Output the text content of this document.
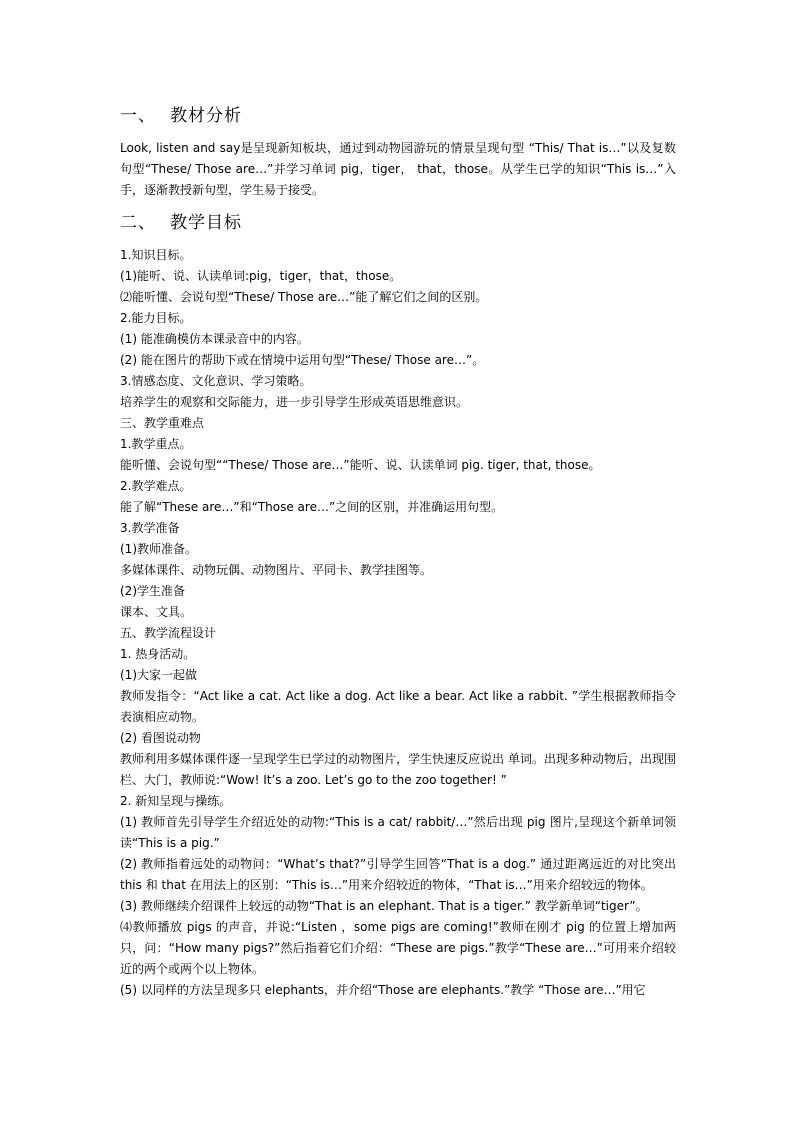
一、 教材分析

Look, listen and say是呈现新知板块，通过到动物园游玩的情景呈现句型 “This/ That is…”以及复数句型“These/ Those are…”并学习单词 pig，tiger， that，those。从学生已学的知识“This is…”入手，逐渐教授新句型，学生易于接受。

二、 教学目标

1.知识目标。

(1)能听、说、认读单词:pig，tiger，that，those。

⑵能听懂、会说句型“These/ Those are…”能了解它们之间的区别。

2.能力目标。

(1) 能准确模仿本课录音中的内容。

(2) 能在图片的帮助下或在情境中运用句型“These/ Those are…”。

3.情感态度、文化意识、学习策略。

培养学生的观察和交际能力，进一步引导学生形成英语思维意识。

三、教学重难点

1.教学重点。

能听懂、会说句型““These/ Those are…”能听、说、认读单词 pig. tiger, that, those。

2.教学难点。

能了解“These are…”和“Those are…”之间的区别，并准确运用句型。

3.教学准备

(1)教师准备。

多媒体课件、动物玩偶、动物图片、平同卡、教学挂图等。

(2)学生准备

课本、文具。

五、教学流程设计

1. 热身活动。

(1)大家一起做

教师发指令：“Act like a cat. Act like a dog. Act like a bear. Act like a rabbit. ”学生根据教师指令表演相应动物。

(2) 看图说动物

教师利用多媒体课件逐一呈现学生已学过的动物图片，学生快速反应说出 单词。出现多种动物后，出现围栏、大门，教师说:“Wow! It’s a zoo. Let’s go to the zoo together! ”

2. 新知呈现与操练。

(1) 教师首先引导学生介绍近处的动物:“This is a cat/ rabbit/…”然后出现 pig 图片,呈现这个新单词领读“This is a pig.”

(2) 教师指着远处的动物问：“What’s that?”引导学生回答“That is a dog.” 通过距离远近的对比突出this 和 that 在用法上的区别：“This is…”用来介绍较近的物体，“That is…”用来介绍较远的物体。

(3) 教师继续介绍课件上较远的动物“That is an elephant. That is a tiger.” 教学新单词“tiger”。

⑷教师播放 pigs 的声音，并说:“Listen ，some pigs are coming!”教师在刚才 pig 的位置上增加两只，问：“How many pigs?”然后指着它们介绍：“These are pigs.”教学“These are…”可用来介绍较近的两个或两个以上物体。

(5) 以同样的方法呈现多只 elephants，并介绍“Those are elephants.”教学 “Those are…”用它
